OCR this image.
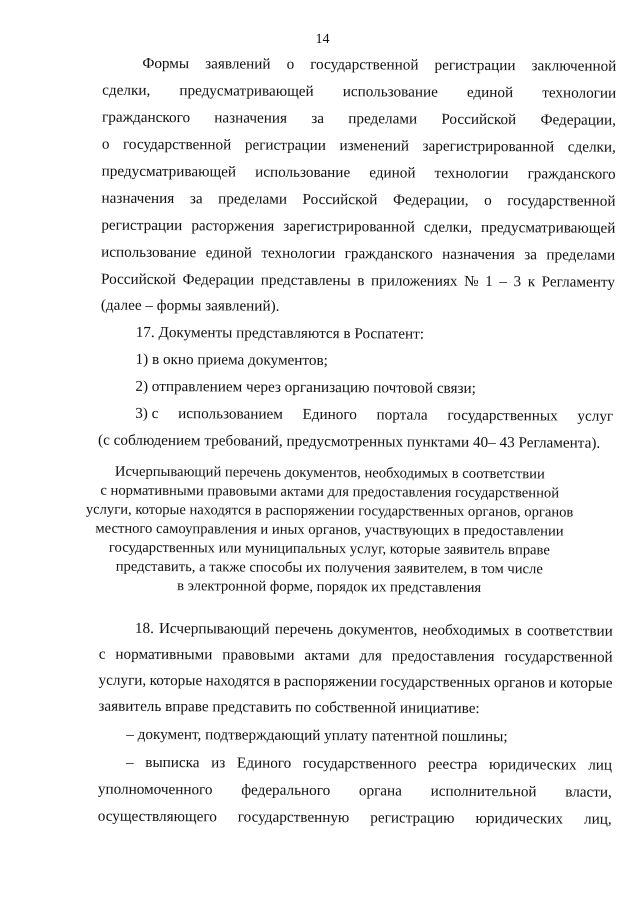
14
Формы заявлений о государственной регистрации заключенной
сделки, предусматривающей использование единой технологии
гражданского назначения за пределами Российской Федерации,
о государственной регистрации изменений зарегистрированной сделки,
предусматривающей использование единой технологии гражданского
назначения за пределами Российской Федерации, о государственной
регистрации расторжения зарегистрированной сделки, предусматривающей
использование единой технологии гражданского назначения за пределами
Российской Федерации представлены в приложениях № 1 – 3 к Регламенту
(далее – формы заявлений).
17. Документы представляются в Роспатент:
1) в окно приема документов;
2) отправлением через организацию почтовой связи;
3) с использованием Единого портала государственных услуг
(с соблюдением требований, предусмотренных пунктами 40– 43 Регламента).
Исчерпывающий перечень документов, необходимых в соответствии
с нормативными правовыми актами для предоставления государственной
услуги, которые находятся в распоряжении государственных органов, органов
местного самоуправления и иных органов, участвующих в предоставлении
государственных или муниципальных услуг, которые заявитель вправе
представить, а также способы их получения заявителем, в том числе
в электронной форме, порядок их представления
18. Исчерпывающий перечень документов, необходимых в соответствии
с нормативными правовыми актами для предоставления государственной
услуги, которые находятся в распоряжении государственных органов и которые
заявитель вправе представить по собственной инициативе:
– документ, подтверждающий уплату патентной пошлины;
– выписка из Единого государственного реестра юридических лиц
уполномоченного федерального органа исполнительной власти,
осуществляющего государственную регистрацию юридических лиц,
